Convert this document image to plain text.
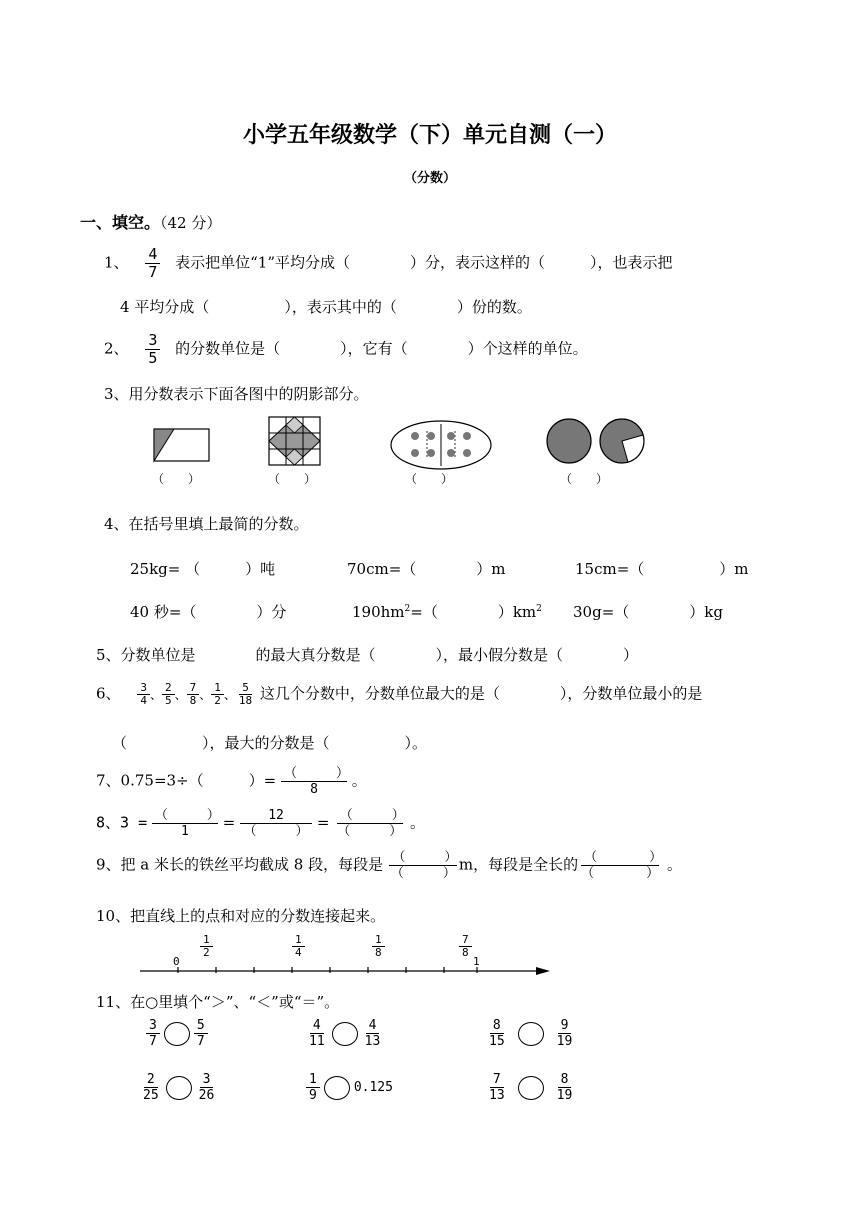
小学五年级数学（下）单元自测（一）
（分数）
一、填空。（42 分）
1、 $\frac{4}{7}$ 表示把单位“1”平均分成（　　　　）分，表示这样的（　　　），也表示把
4 平均分成（　　　　　），表示其中的（　　　　）份的数。
2、 $\frac{3}{5}$ 的分数单位是（　　　　），它有（　　　　）个这样的单位。
3、用分数表示下面各图中的阴影部分。
（　　）	（　　）	（　　）	（　　）
4、在括号里填上最简的分数。
25kg= （　　　）吨	70cm=（　　　　）m	15cm=（　　　　　）m
40 秒=（　　　　）分	$190hm^2=$（　　　　）$km^2$ 30g=（　　　　）kg
5、分数单位是　　　　的最大真分数是（　　　　），最小假分数是（　　　　）
6、 $\frac{3}{4}$ 、 $\frac{2}{5}$ 、 $\frac{7}{8}$ 、 $\frac{1}{2}$ 、 $\frac{5}{18}$ 这几个分数中，分数单位最大的是（　　　　），分数单位最小的是
（　　　　　），最大的分数是（　　　　　）。
7、0.75=3÷（　　　）= $\frac{( )}{8}$ 。
8、$3 = \frac{( )}{1} = \frac{12}{( )} = \frac{( )}{( )}$ 。
9、把 a 米长的铁丝平均截成 8 段，每段是 $\frac{( )}{( )}$ m，每段是全长的 $\frac{( )}{( )}$ 。
10、把直线上的点和对应的分数连接起来。
$\frac{1}{2}$	$\frac{1}{4}$	$\frac{1}{8}$	$\frac{7}{8}$
0	1
11、在○里填个“＞”、“＜”或“＝”。
$\frac{3}{7}$	$\frac{5}{7}$	$\frac{4}{11}$	$\frac{4}{13}$	$\frac{8}{15}$	$\frac{9}{19}$
$\frac{2}{25}$	$\frac{3}{26}$	$\frac{1}{9}$	0.125	$\frac{7}{13}$	$\frac{8}{19}$
